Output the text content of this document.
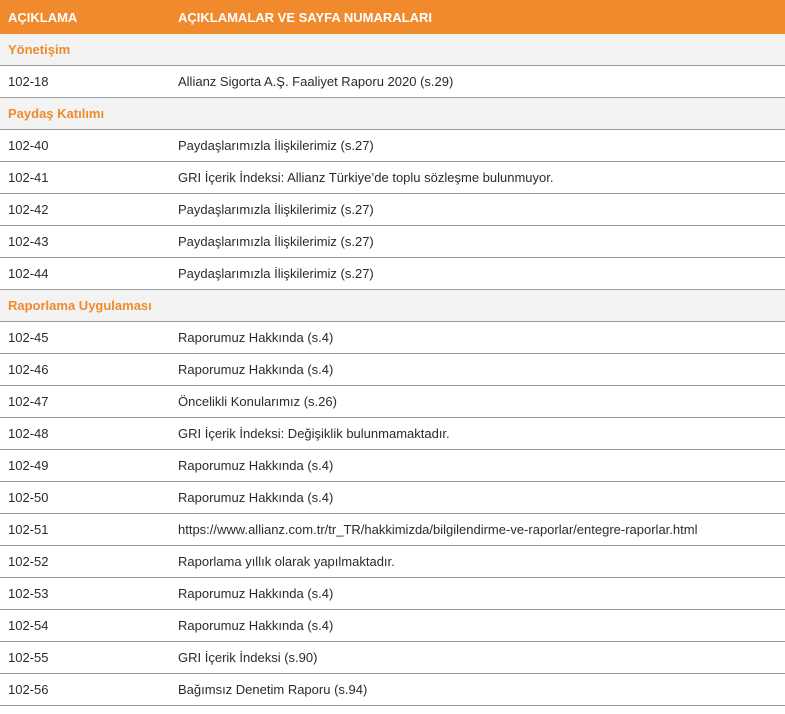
AÇIKLAMA	AÇIKLAMALAR VE SAYFA NUMARALARI
Yönetişim
102-18	Allianz Sigorta A.Ş. Faaliyet Raporu 2020 (s.29)
Paydaş Katılımı
102-40	Paydaşlarımızla İlişkilerimiz (s.27)
102-41	GRI İçerik İndeksi: Allianz Türkiye’de toplu sözleşme bulunmuyor.
102-42	Paydaşlarımızla İlişkilerimiz (s.27)
102-43	Paydaşlarımızla İlişkilerimiz (s.27)
102-44	Paydaşlarımızla İlişkilerimiz (s.27)
Raporlama Uygulaması
102-45	Raporumuz Hakkında (s.4)
102-46	Raporumuz Hakkında (s.4)
102-47	Öncelikli Konularımız (s.26)
102-48	GRI İçerik İndeksi: Değişiklik bulunmamaktadır.
102-49	Raporumuz Hakkında (s.4)
102-50	Raporumuz Hakkında (s.4)
102-51	https://www.allianz.com.tr/tr_TR/hakkimizda/bilgilendirme-ve-raporlar/entegre-raporlar.html
102-52	Raporlama yıllık olarak yapılmaktadır.
102-53	Raporumuz Hakkında (s.4)
102-54	Raporumuz Hakkında (s.4)
102-55	GRI İçerik İndeksi (s.90)
102-56	Bağımsız Denetim Raporu (s.94)
